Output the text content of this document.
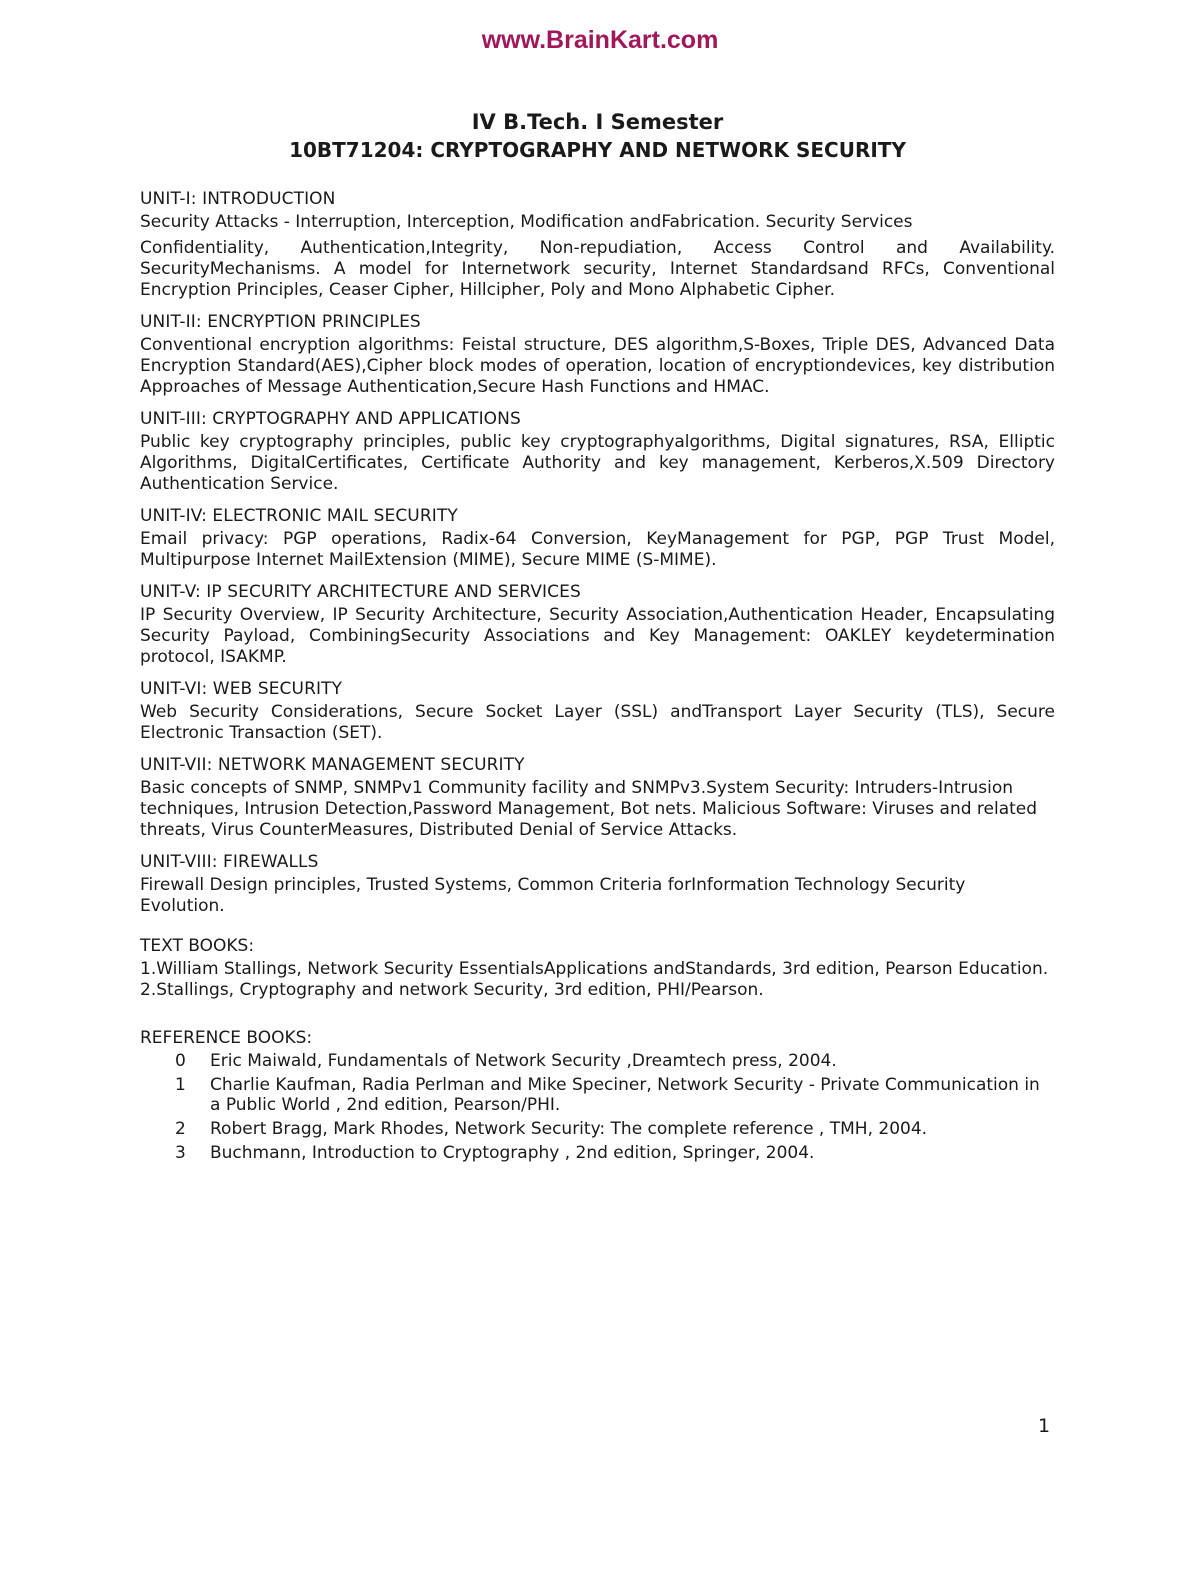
www.BrainKart.com
IV B.Tech. I Semester
10BT71204: CRYPTOGRAPHY AND NETWORK SECURITY
UNIT-I: INTRODUCTION

Security Attacks - Interruption, Interception, Modification andFabrication. Security Services

Confidentiality, Authentication,Integrity, Non-repudiation, Access Control and Availability. SecurityMechanisms. A model for Internetwork security, Internet Standardsand RFCs, Conventional Encryption Principles, Ceaser Cipher, Hillcipher, Poly and Mono Alphabetic Cipher.

UNIT-II: ENCRYPTION PRINCIPLES

Conventional encryption algorithms: Feistal structure, DES algorithm,S-Boxes, Triple DES, Advanced Data Encryption Standard(AES),Cipher block modes of operation, location of encryptiondevices, key distribution Approaches of Message Authentication,Secure Hash Functions and HMAC.

UNIT-III: CRYPTOGRAPHY AND APPLICATIONS

Public key cryptography principles, public key cryptographyalgorithms, Digital signatures, RSA, Elliptic Algorithms, DigitalCertificates, Certificate Authority and key management, Kerberos,X.509 Directory Authentication Service.

UNIT-IV: ELECTRONIC MAIL SECURITY

Email privacy: PGP operations, Radix-64 Conversion, KeyManagement for PGP, PGP Trust Model, Multipurpose Internet MailExtension (MIME), Secure MIME (S-MIME).

UNIT-V: IP SECURITY ARCHITECTURE AND SERVICES

IP Security Overview, IP Security Architecture, Security Association,Authentication Header, Encapsulating Security Payload, CombiningSecurity Associations and Key Management: OAKLEY keydetermination protocol, ISAKMP.

UNIT-VI: WEB SECURITY

Web Security Considerations, Secure Socket Layer (SSL) andTransport Layer Security (TLS), Secure Electronic Transaction (SET).

UNIT-VII: NETWORK MANAGEMENT SECURITY

Basic concepts of SNMP, SNMPv1 Community facility and SNMPv3.System Security: Intruders-Intrusion techniques, Intrusion Detection,Password Management, Bot nets. Malicious Software: Viruses and related threats, Virus CounterMeasures, Distributed Denial of Service Attacks.

UNIT-VIII: FIREWALLS

Firewall Design principles, Trusted Systems, Common Criteria forInformation Technology Security Evolution.

TEXT BOOKS:

1.William Stallings, Network Security EssentialsApplications andStandards, 3rd edition, Pearson Education.

2.Stallings, Cryptography and network Security, 3rd edition, PHI/Pearson.

REFERENCE BOOKS:
0	Eric Maiwald, Fundamentals of Network Security ,Dreamtech press, 2004.
1	Charlie Kaufman, Radia Perlman and Mike Speciner, Network Security - Private Communication in a Public World , 2nd edition, Pearson/PHI.
2	Robert Bragg, Mark Rhodes, Network Security: The complete reference , TMH, 2004.
3	Buchmann, Introduction to Cryptography , 2nd edition, Springer, 2004.
1
